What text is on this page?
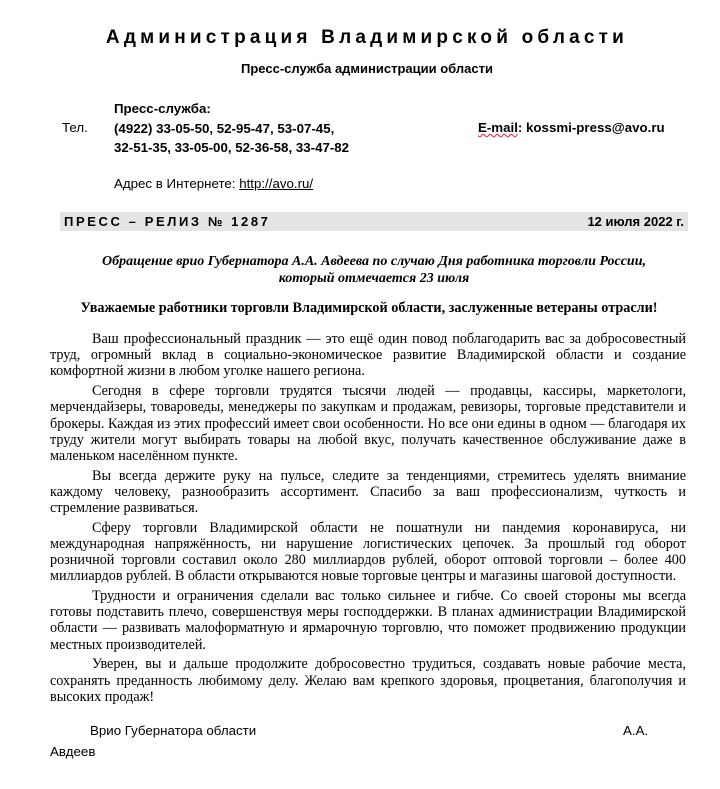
Администрация Владимирской области
Пресс-служба администрации области
Пресс-служба:
(4922) 33-05-50, 52-95-47, 53-07-45,
32-51-35, 33-05-00, 52-36-58, 33-47-82
Тел.	E-mail: kossmi-press@avo.ru
Адрес в Интернете: http://avo.ru/
ПРЕСС – РЕЛИЗ № 1287	12 июля 2022 г.
Обращение врио Губернатора А.А. Авдеева по случаю Дня работника торговли России,
который отмечается 23 июля
Уважаемые работники торговли Владимирской области, заслуженные ветераны отрасли!

Ваш профессиональный праздник — это ещё один повод поблагодарить вас за добросовестный труд, огромный вклад в социально-экономическое развитие Владимирской области и создание комфортной жизни в любом уголке нашего региона.

Сегодня в сфере торговли трудятся тысячи людей — продавцы, кассиры, маркетологи, мерчендайзеры, товароведы, менеджеры по закупкам и продажам, ревизоры, торговые представители и брокеры. Каждая из этих профессий имеет свои особенности. Но все они едины в одном — благодаря их труду жители могут выбирать товары на любой вкус, получать качественное обслуживание даже в маленьком населённом пункте.

Вы всегда держите руку на пульсе, следите за тенденциями, стремитесь уделять внимание каждому человеку, разнообразить ассортимент. Спасибо за ваш профессионализм, чуткость и стремление развиваться.

Сферу торговли Владимирской области не пошатнули ни пандемия коронавируса, ни международная напряжённость, ни нарушение логистических цепочек. За прошлый год оборот розничной торговли составил около 280 миллиардов рублей, оборот оптовой торговли – более 400 миллиардов рублей. В области открываются новые торговые центры и магазины шаговой доступности.

Трудности и ограничения сделали вас только сильнее и гибче. Со своей стороны мы всегда готовы подставить плечо, совершенствуя меры господдержки. В планах администрации Владимирской области — развивать малоформатную и ярмарочную торговлю, что поможет продвижению продукции местных производителей.

Уверен, вы и дальше продолжите добросовестно трудиться, создавать новые рабочие места, сохранять преданность любимому делу. Желаю вам крепкого здоровья, процветания, благополучия и высоких продаж!

Врио Губернатора области	А.А.
Авдеев
